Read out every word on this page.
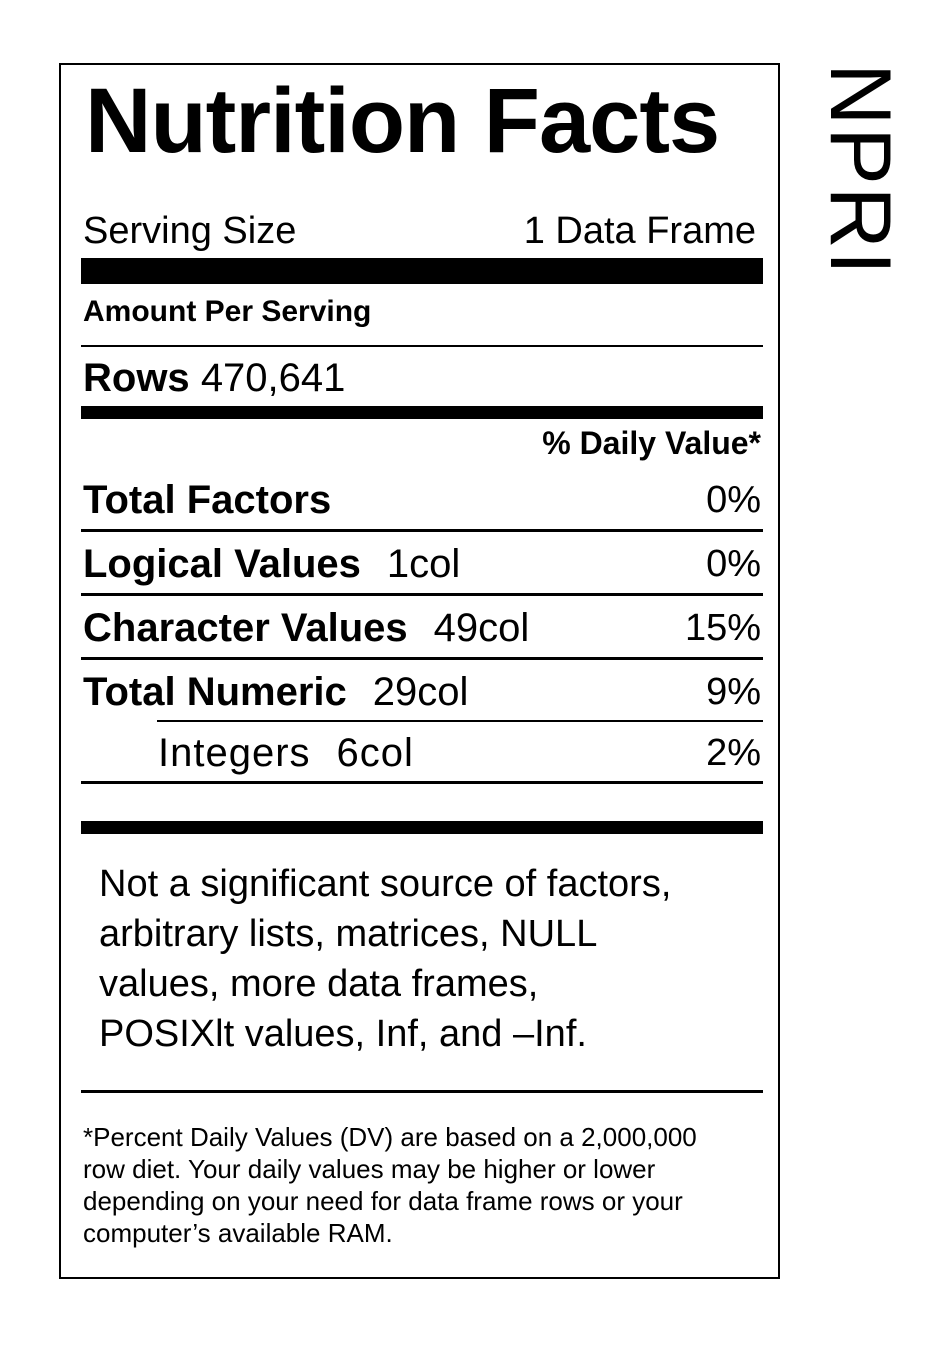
Nutrition Facts
Serving Size	1 Data Frame
Amount Per Serving
Rows 470,641
% Daily Value*
Total Factors	0%
Logical Values 1col	0%
Character Values 49col	15%
Total Numeric 29col	9%
Integers 6col	2%
Not a significant source of factors,
arbitrary lists, matrices, NULL
values, more data frames,
POSIXlt values, Inf, and –Inf.
*Percent Daily Values (DV) are based on a 2,000,000
row diet. Your daily values may be higher or lower
depending on your need for data frame rows or your
computer’s available RAM.
NPRI
